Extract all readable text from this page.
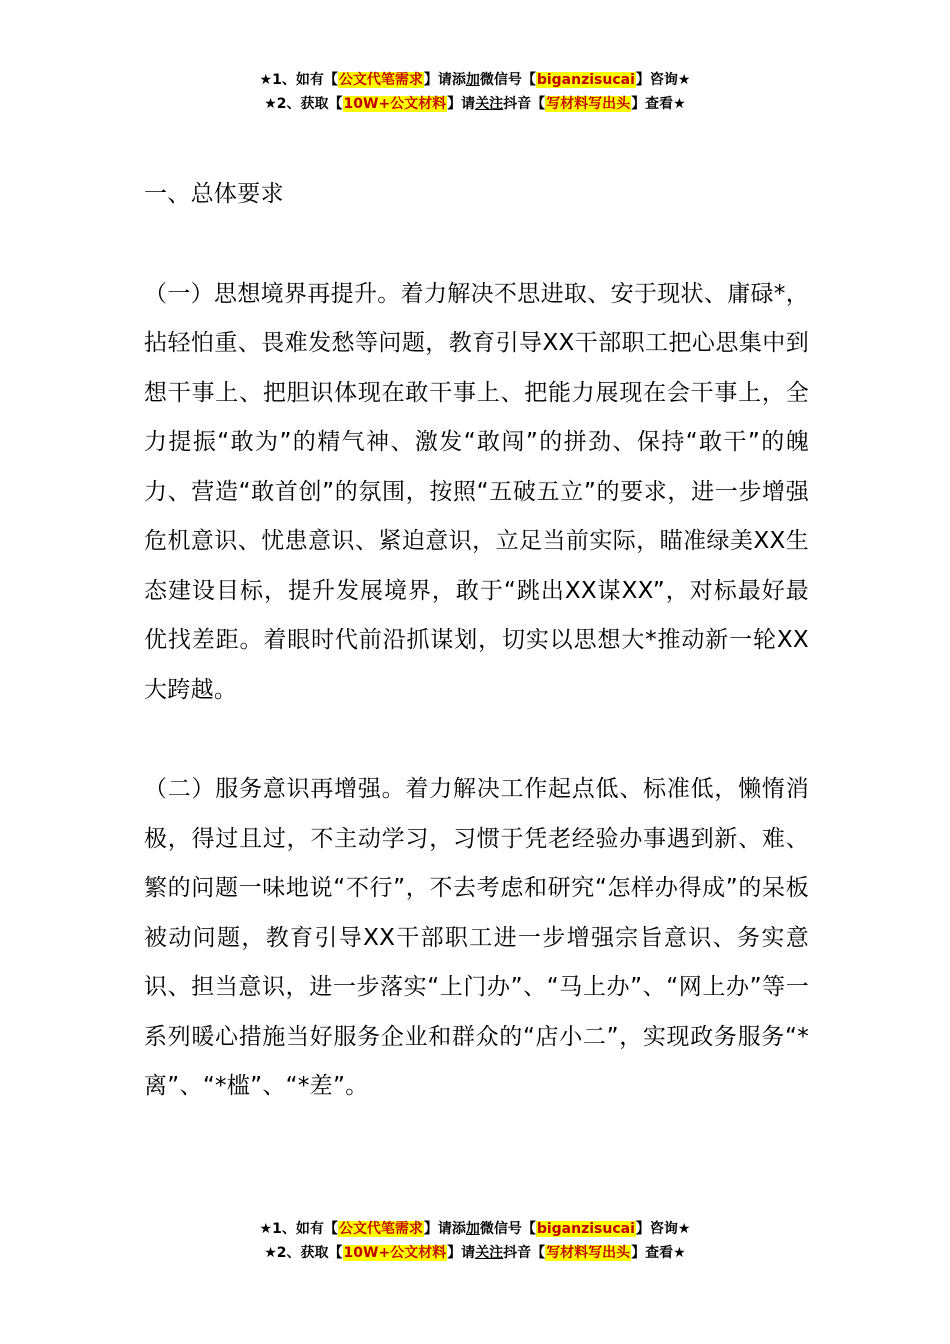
★1、如有【公文代笔需求】请添加微信号【biganzisucai】咨询★
★2、获取【10W+公文材料】请关注抖音【写材料写出头】查看★
一、总体要求

（一）思想境界再提升。着力解决不思进取、安于现状、庸碌*，拈轻怕重、畏难发愁等问题，教育引导XX干部职工把心思集中到想干事上、把胆识体现在敢干事上、把能力展现在会干事上，全力提振“敢为”的精气神、激发“敢闯”的拼劲、保持“敢干”的魄力、营造“敢首创”的氛围，按照“五破五立”的要求，进一步增强危机意识、忧患意识、紧迫意识，立足当前实际，瞄准绿美XX生态建设目标，提升发展境界，敢于“跳出XX谋XX”，对标最好最优找差距。着眼时代前沿抓谋划，切实以思想大*推动新一轮XX大跨越。

（二）服务意识再增强。着力解决工作起点低、标准低，懒惰消极，得过且过，不主动学习，习惯于凭老经验办事遇到新、难、繁的问题一味地说“不行”，不去考虑和研究“怎样办得成”的呆板被动问题，教育引导XX干部职工进一步增强宗旨意识、务实意识、担当意识，进一步落实“上门办”、“马上办”、“网上办”等一系列暖心措施当好服务企业和群众的“店小二”，实现政务服务“*离”、“*槛”、“*差”。

★1、如有【公文代笔需求】请添加微信号【biganzisucai】咨询★
★2、获取【10W+公文材料】请关注抖音【写材料写出头】查看★
